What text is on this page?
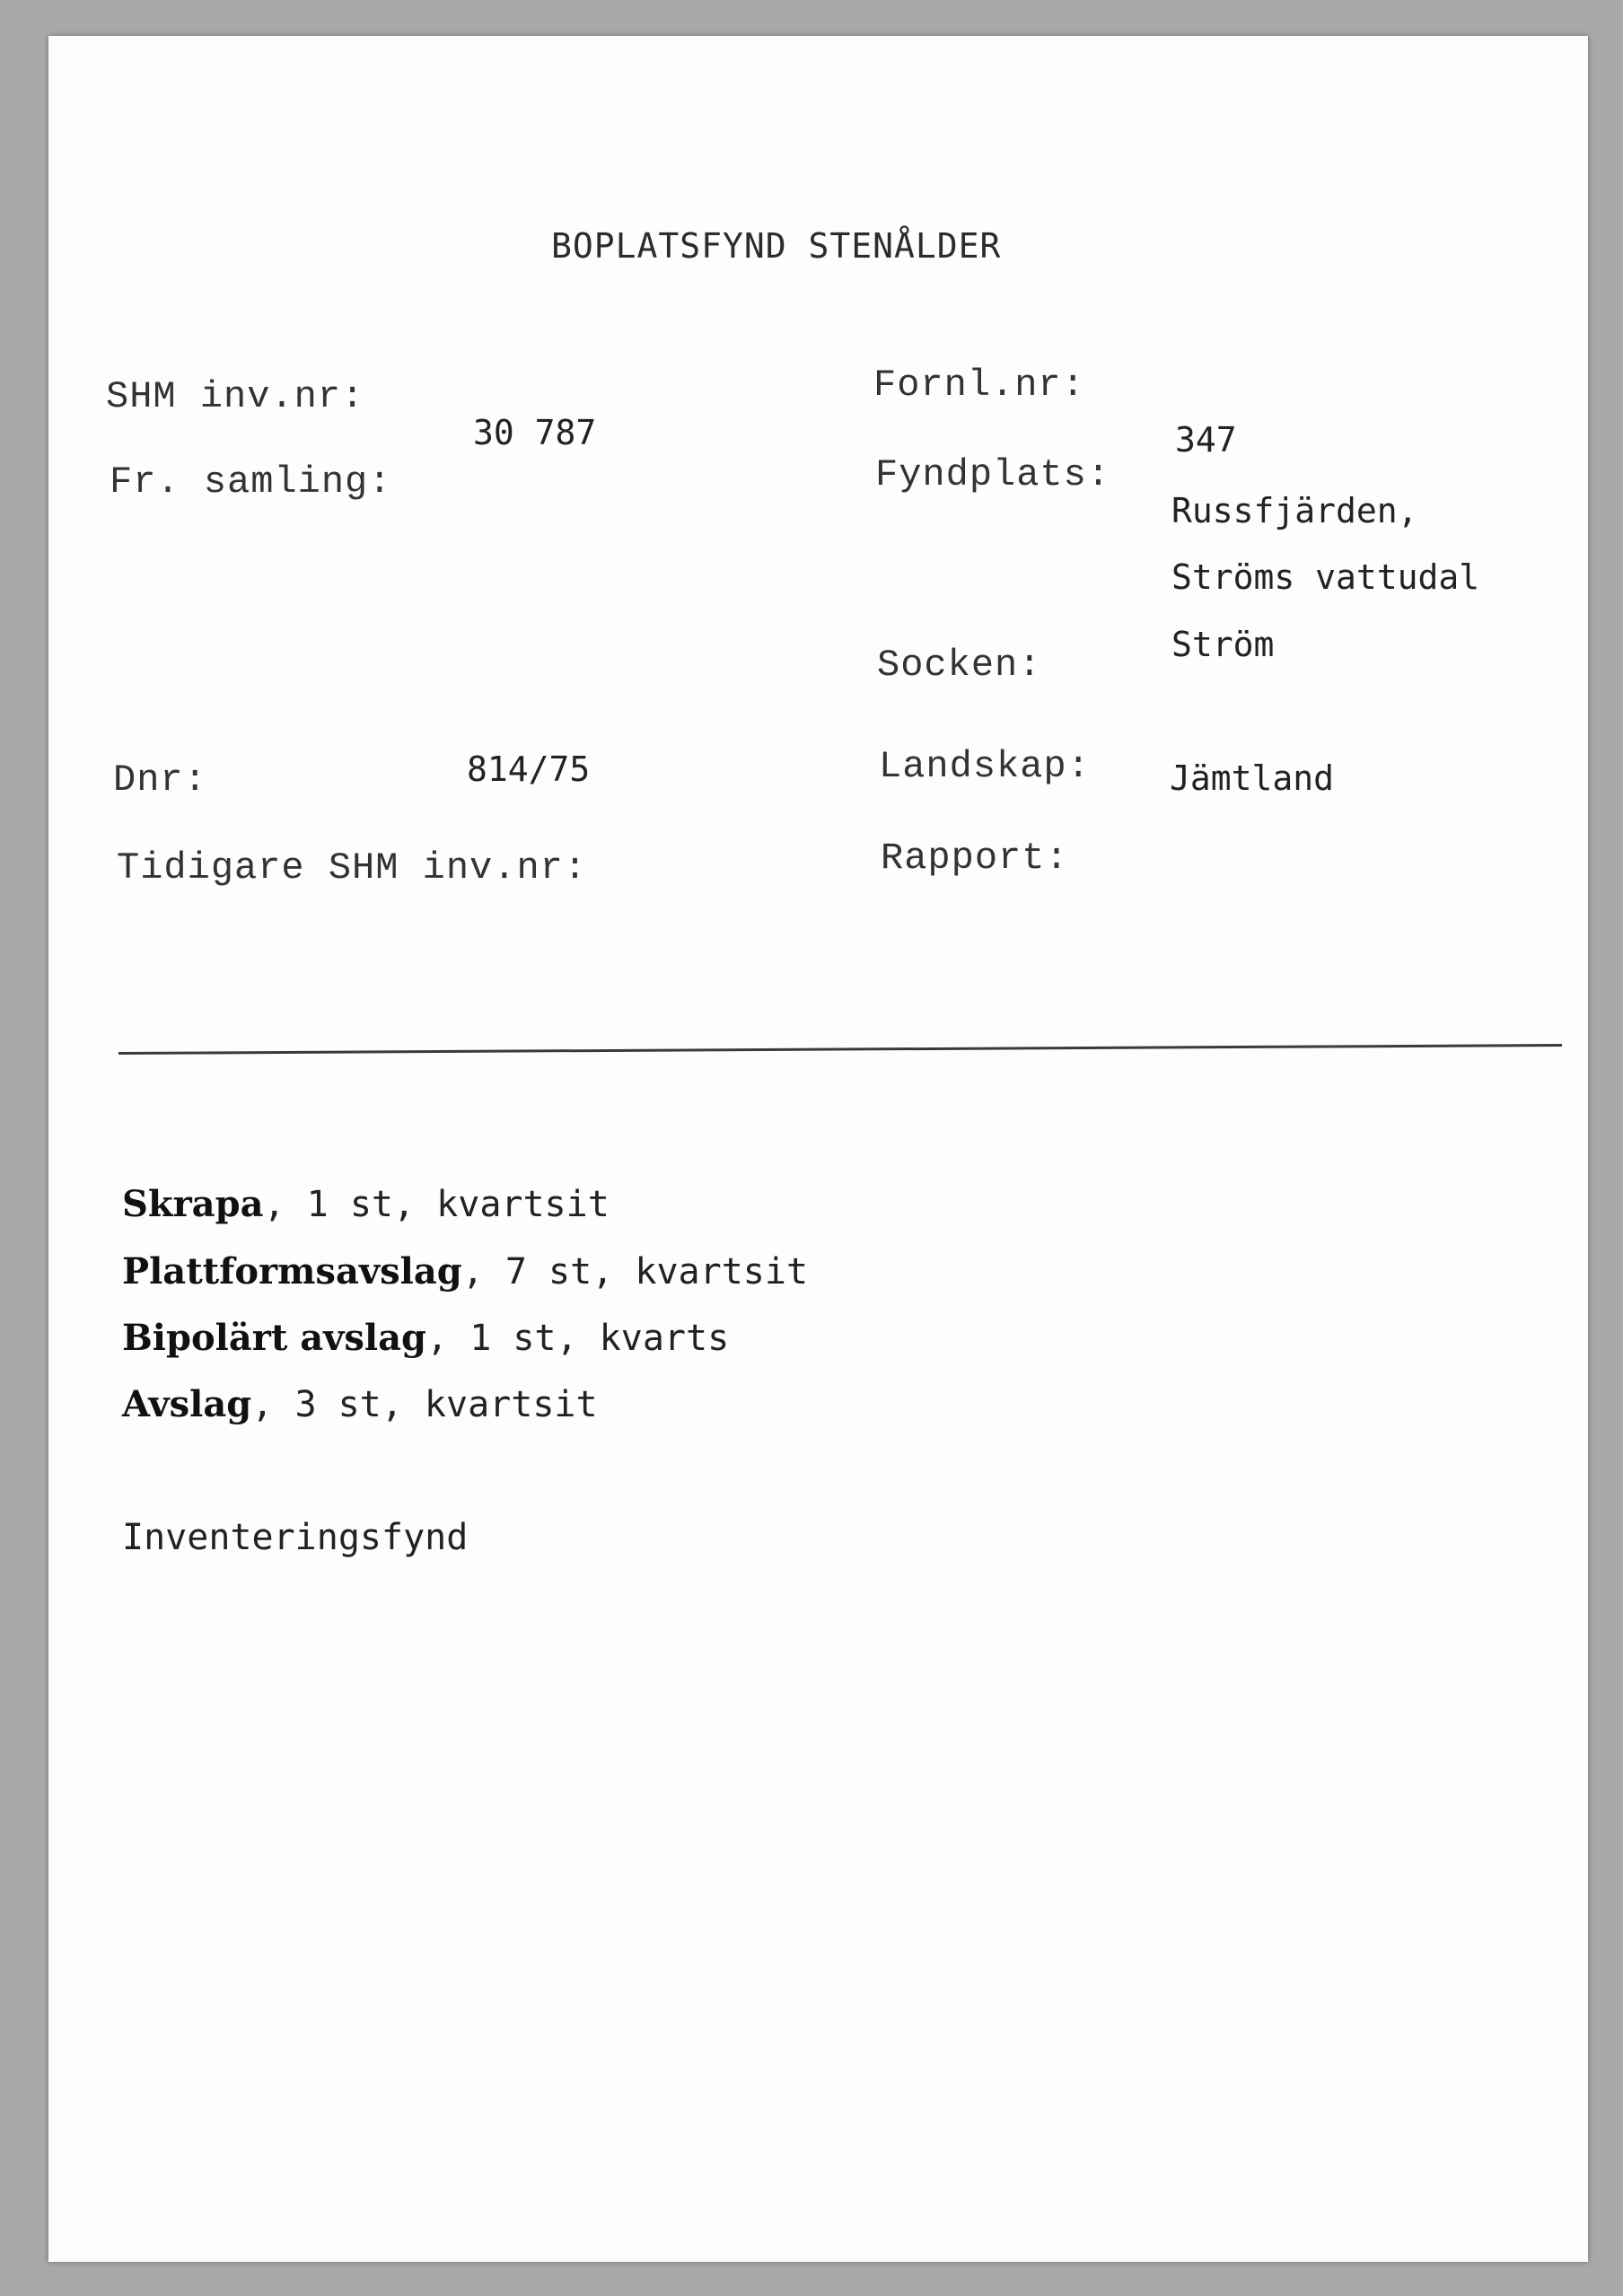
BOPLATSFYND STENÅLDER
SHM inv.nr:
Fr. samling:
Dnr:
Tidigare SHM inv.nr:
30 787
814/75
Fornl.nr:
Fyndplats:
Socken:
Landskap:
Rapport:
347
Russfjärden,
Ströms vattudal
Ström
Jämtland
Skrapa, 1 st, kvartsit
Plattformsavslag, 7 st, kvartsit
Bipolärt avslag, 1 st, kvarts
Avslag, 3 st, kvartsit
Inventeringsfynd
